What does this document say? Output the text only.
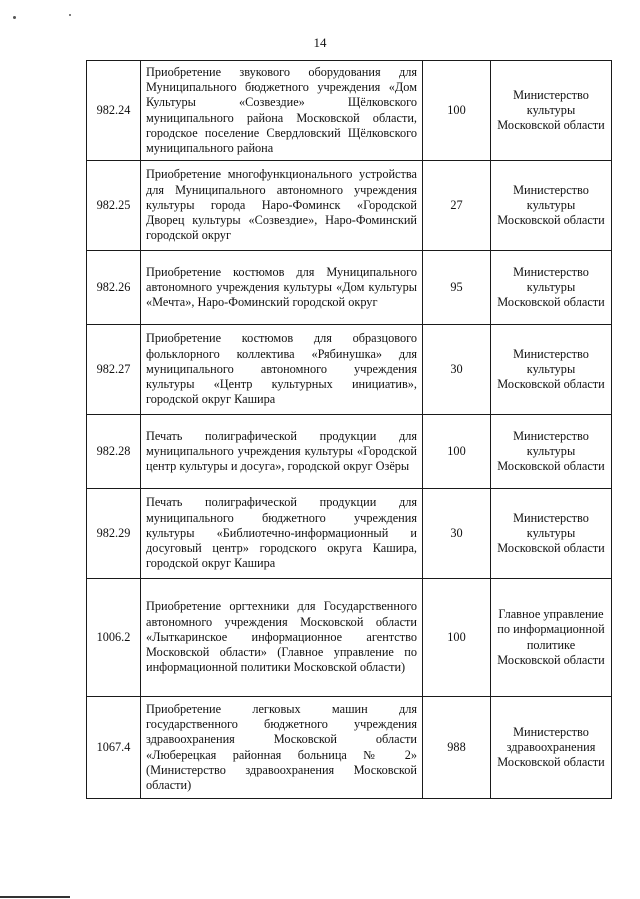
14
982.24	Приобретение звукового оборудования для Муниципального бюджетного учреждения «Дом Культуры «Созвездие» Щёлковского муниципального района Московской области, городское поселение Свердловский Щёлковского муниципального района	100	Министерство культуры Московской области
982.25	Приобретение многофункционального устройства для Муниципального автономного учреждения культуры города Наро-Фоминск «Городской Дворец культуры «Созвездие», Наро-Фоминский городской округ	27	Министерство культуры Московской области
982.26	Приобретение костюмов для Муниципального автономного учреждения культуры «Дом культуры «Мечта», Наро-Фоминский городской округ	95	Министерство культуры Московской области
982.27	Приобретение костюмов для образцового фольклорного коллектива «Рябинушка» для муниципального автономного учреждения культуры «Центр культурных инициатив», городской округ Кашира	30	Министерство культуры Московской области
982.28	Печать полиграфической продукции для муниципального учреждения культуры «Городской центр культуры и досуга», городской округ Озёры	100	Министерство культуры Московской области
982.29	Печать полиграфической продукции для муниципального бюджетного учреждения культуры «Библиотечно-информационный и досуговый центр» городского округа Кашира, городской округ Кашира	30	Министерство культуры Московской области
1006.2	Приобретение оргтехники для Государственного автономного учреждения Московской области «Лыткаринское информационное агентство Московской области» (Главное управление по информационной политики Московской области)	100	Главное управление по информационной политике Московской области
1067.4	Приобретение легковых машин для государственного бюджетного учреждения здравоохранения Московской области «Люберецкая районная больница № 2» (Министерство здравоохранения Московской области)	988	Министерство здравоохранения Московской области
